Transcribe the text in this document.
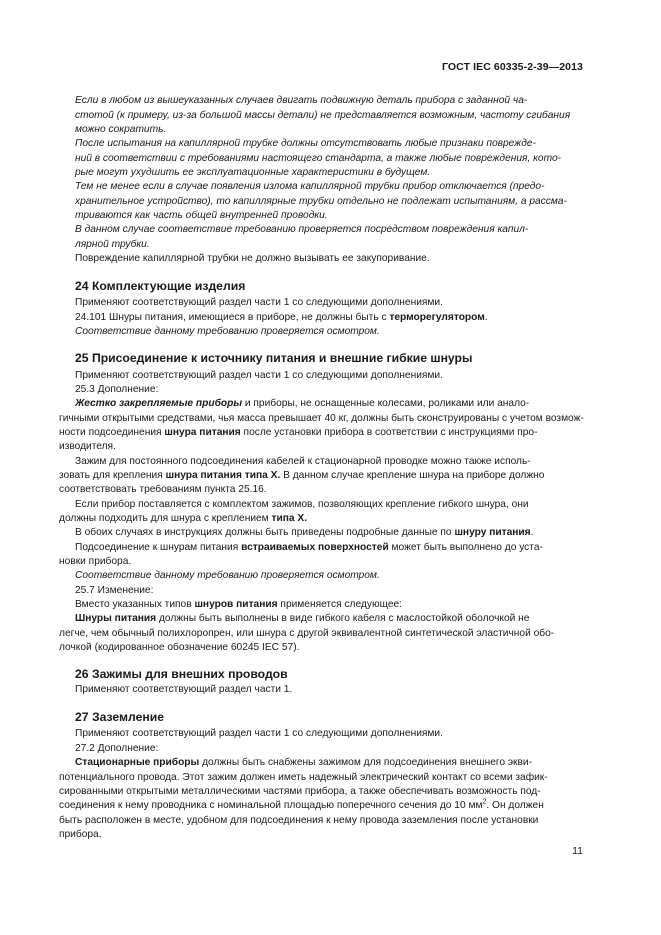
ГОСТ IEC 60335-2-39—2013
Если в любом из вышеуказанных случаев двигать подвижную деталь прибора с заданной ча-
стотой (к примеру, из-за большой массы детали) не представляется возможным, частоту сгибания
можно сократить.
После испытания на капиллярной трубке должны отсутствовать любые признаки поврежде-
ний в соответствии с требованиями настоящего стандарта, а также любые повреждения, кото-
рые могут ухудшить ее эксплуатационные характеристики в будущем.
Тем не менее если в случае появления излома капиллярной трубки прибор отключается (предо-
хранительное устройство), то капиллярные трубки отдельно не подлежат испытаниям, а рассма-
триваются как часть общей внутренней проводки.
В данном случае соответствие требованию проверяется посредством повреждения капил-
лярной трубки.
Повреждение капиллярной трубки не должно вызывать ее закупоривание.
24 Комплектующие изделия
Применяют соответствующий раздел части 1 со следующими дополнениями.
24.101 Шнуры питания, имеющиеся в приборе, не должны быть с терморегулятором.
Соответствие данному требованию проверяется осмотром.
25 Присоединение к источнику питания и внешние гибкие шнуры
Применяют соответствующий раздел части 1 со следующими дополнениями.
25.3 Дополнение:
Жестко закрепляемые приборы и приборы, не оснащенные колесами, роликами или анало-
гичными открытыми средствами, чья масса превышает 40 кг, должны быть сконструированы с учетом возмож-
ности подсоединения шнура питания после установки прибора в соответствии с инструкциями про-
изводителя.
Зажим для постоянного подсоединения кабелей к стационарной проводке можно также исполь-
зовать для крепления шнура питания типа X. В данном случае крепление шнура на приборе должно
соответствовать требованиям пункта 25.16.
Если прибор поставляется с комплектом зажимов, позволяющих крепление гибкого шнура, они
должны подходить для шнура с креплением типа X.
В обоих случаях в инструкциях должны быть приведены подробные данные по шнуру питания.
Подсоединение к шнурам питания встраиваемых поверхностей может быть выполнено до уста-
новки прибора.
Соответствие данному требованию проверяется осмотром.
25.7 Изменение:
Вместо указанных типов шнуров питания применяется следующее:
Шнуры питания должны быть выполнены в виде гибкого кабеля с маслостойкой оболочкой не
легче, чем обычный полихлоропрен, или шнура с другой эквивалентной синтетической эластичной обо-
лочкой (кодированное обозначение 60245 IEC 57).
26 Зажимы для внешних проводов
Применяют соответствующий раздел части 1.
27 Заземление
Применяют соответствующий раздел части 1 со следующими дополнениями.
27.2 Дополнение:
Стационарные приборы должны быть снабжены зажимом для подсоединения внешнего экви-
потенциального провода. Этот зажим должен иметь надежный электрический контакт со всеми зафик-
сированными открытыми металлическими частями прибора, а также обеспечивать возможность под-
соединения к нему проводника с номинальной площадью поперечного сечения до 10 $мм^2$. Он должен
быть расположен в месте, удобном для подсоединения к нему провода заземления после установки
прибора.
11
